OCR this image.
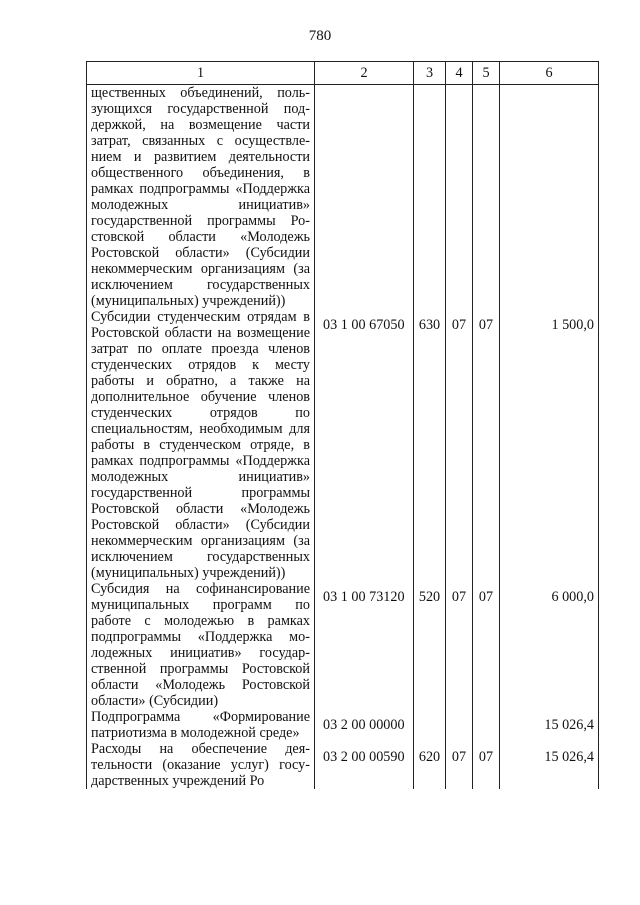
780
1	2	3	4	5	6
щественных объединений, пользующихся государственной поддержкой, на возмещение части затрат, связанных с осуществлением и развитием деятельности общественного объединения, в рамках подпрограммы «Поддержка молодежных инициатив» государственной программы Ростовской области «Молодежь Ростовской области» (Субсидии некоммерческим организациям (за исключением государственных (муниципальных) учреждений))					
Субсидии студенческим отрядам в Ростовской области на возмещение затрат по оплате проезда членов студенческих отрядов к месту работы и обратно, а также на дополнительное обучение членов студенческих отрядов по специальностям, необходимым для работы в студенческом отряде, в рамках подпрограммы «Поддержка молодежных инициатив» государственной программы Ростовской области «Молодежь Ростовской области» (Субсидии некоммерческим организациям (за исключением государственных (муниципальных) учреждений))	03 1 00 67050	630	07	07	1 500,0
Субсидия на софинансирование муниципальных программ по работе с молодежью в рамках подпрограммы «Поддержка молодежных инициатив» государственной программы Ростовской области «Молодежь Ростовской области» (Субсидии)	03 1 00 73120	520	07	07	6 000,0
Подпрограмма «Формирование патриотизма в молодежной среде»	03 2 00 00000				15 026,4
Расходы на обеспечение деятельности (оказание услуг) государственных учреждений Ро	03 2 00 00590	620	07	07	15 026,4
